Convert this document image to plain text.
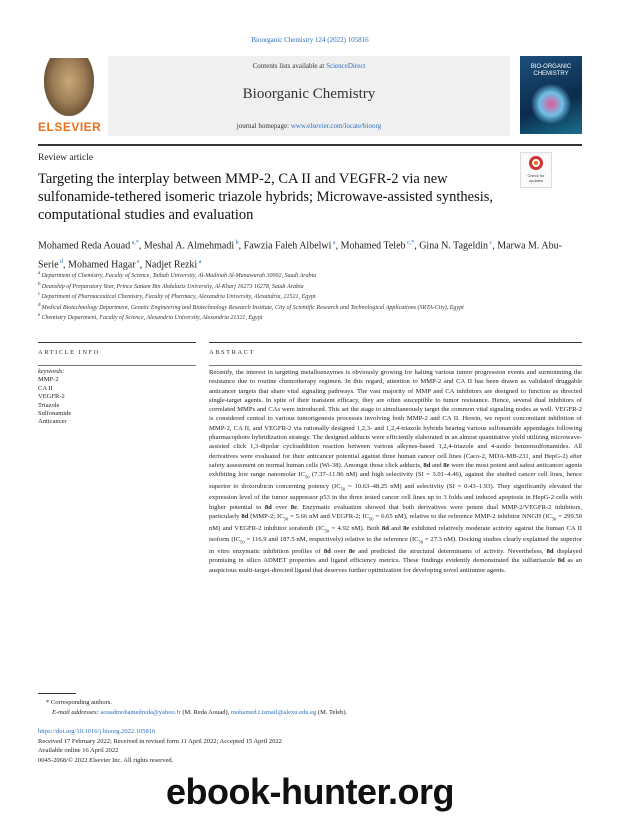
Bioorganic Chemistry 124 (2022) 105816
ELSEVIER
Contents lists available at ScienceDirect
Bioorganic Chemistry
journal homepage: www.elsevier.com/locate/bioorg
BIO-ORGANIC CHEMISTRY
Review article
Check for updates
Targeting the interplay between MMP-2, CA II and VEGFR-2 via new sulfonamide-tethered isomeric triazole hybrids; Microwave-assisted synthesis, computational studies and evaluation
Mohamed Reda Aouad $^{a,*}$, Meshal A. Almehmadi $^b$, Fawzia Faleh Albelwi $^a$, Mohamed Teleb $^{c,*}$, Gina N. Tageldin $^c$, Marwa M. Abu-Serie $^d$, Mohamed Hagar $^e$, Nadjet Rezki $^a$
$^a$ Department of Chemistry, Faculty of Science, Taibah University, Al-Madinah Al-Munawarah 30002, Saudi Arabia
$^b$ Deanship of Preparatory Year, Prince Sattam Bin Abdulaziz University, Al-Kharj 16273 16278, Saudi Arabia
$^c$ Department of Pharmaceutical Chemistry, Faculty of Pharmacy, Alexandria University, Alexandria, 21521, Egypt
$^d$ Medical Biotechnology Department, Genetic Engineering and Biotechnology Research Institute, City of Scientific Research and Technological Applications (SRTA-City), Egypt
$^e$ Chemistry Department, Faculty of Science, Alexandria University, Alexandria 21321, Egypt
ARTICLE INFO	ABSTRACT
keywords:
MMP-2
CA II
VEGFR-2
Triazole
Sulfonamide
Anticancer
Recently, the interest in targeting metalloenzymes is obviously growing for halting various tumor progression events and surmounting the resistance due to routine chemotherapy regimen. In this regard, attention to MMP-2 and CA II has been drawn as validated druggable anticancer targets that share vital signaling pathways. The vast majority of MMP and CA inhibitors are designed to function as directed single-target agents. In spite of their transient efficacy, they are often susceptible to tumor resistance. Hence, several dual inhibitors of correlated MMPs and CAs were introduced. This set the stage to simultaneously target the common vital signaling nodes as well. VEGFR-2 is considered central to various tumorigenesis processes involving both MMP-2 and CA II. Herein, we report concomitant inhibition of MMP-2, CA II, and VEGFR-2 via rationally designed 1,2,3- and 1,2,4-triazole hybrids bearing various sulfonamide appendages following pharmacophore hybridization strategy. The designed adducts were efficiently elaborated in an almost quantitative yield utilizing microwave-assisted click 1,3-dipolar cycloaddition reaction between various alkynes-based 1,2,4-triazole and 4-azido benzensulfonamides. All derivatives were evaluated for their anticancer potential against three human cancer cell lines (Caco-2, MDA-MB-231, and HepG-2) after safety assessment on normal human cells (Wi-38). Amongst those click adducts, 8d and 8e were the most potent and safest anticancer agents exhibiting low range nanomolar $IC_{50}$ (7.37–11.96 nM) and high selectivity (SI = 3.01–4.46), against the studied cancer cell lines, hence superior to doxorubicin concerning potency ($IC_{50} = 10.63-48.25$ nM) and selectivity (SI = 0.43–1.93). They significantly elevated the expression level of the tumor suppressor p53 in the three tested cancer cell lines up to 3 folds and induced apoptosis in HepG-2 cells with higher potential to 8d over 8e. Enzymatic evaluation showed that both derivatives were potent dual MMP-2/VEGFR-2 inhibitors, particularly 8d (MMP-2; $IC_{50} = 5.66$ nM and VEGFR-2; $IC_{50} = 6.65$ nM), relative to the reference MMP-2 inhibitor NNGH ($IC_{50} = 299.50$ nM) and VEGFR-2 inhibitor sorafenib ($IC_{50} = 4.92$ nM). Both 8d and 8e exhibited relatively moderate activity against the human CA II isoform ($IC_{50} = 116.9$ and 187.5 nM, respectively) relative to the reference ($IC_{50} = 27.3$ nM). Docking studies clearly explained the superior in vitro enzymatic inhibition profiles of 8d over 8e and predicted the structural determinants of activity. Nevertheless, 8d displayed promising in silico ADMET properties and ligand efficiency metrics. These findings evidently demonstrated the sulfatriazole 8d as an auspicious multi-target-directed ligand that deserves further optimization for developing novel antitumor agents.
* Corresponding authors.
E-mail addresses: aouadmohamedreda@yahoo.fr (M. Reda Aouad), mohamed.t.ismail@alexu.edu.eg (M. Teleb).
https://doi.org/10.1016/j.bioorg.2022.105816
Received 17 February 2022; Received in revised form 11 April 2022; Accepted 15 April 2022
Available online 16 April 2022
0045-2068/© 2022 Elsevier Inc. All rights reserved.
ebook-hunter.org
